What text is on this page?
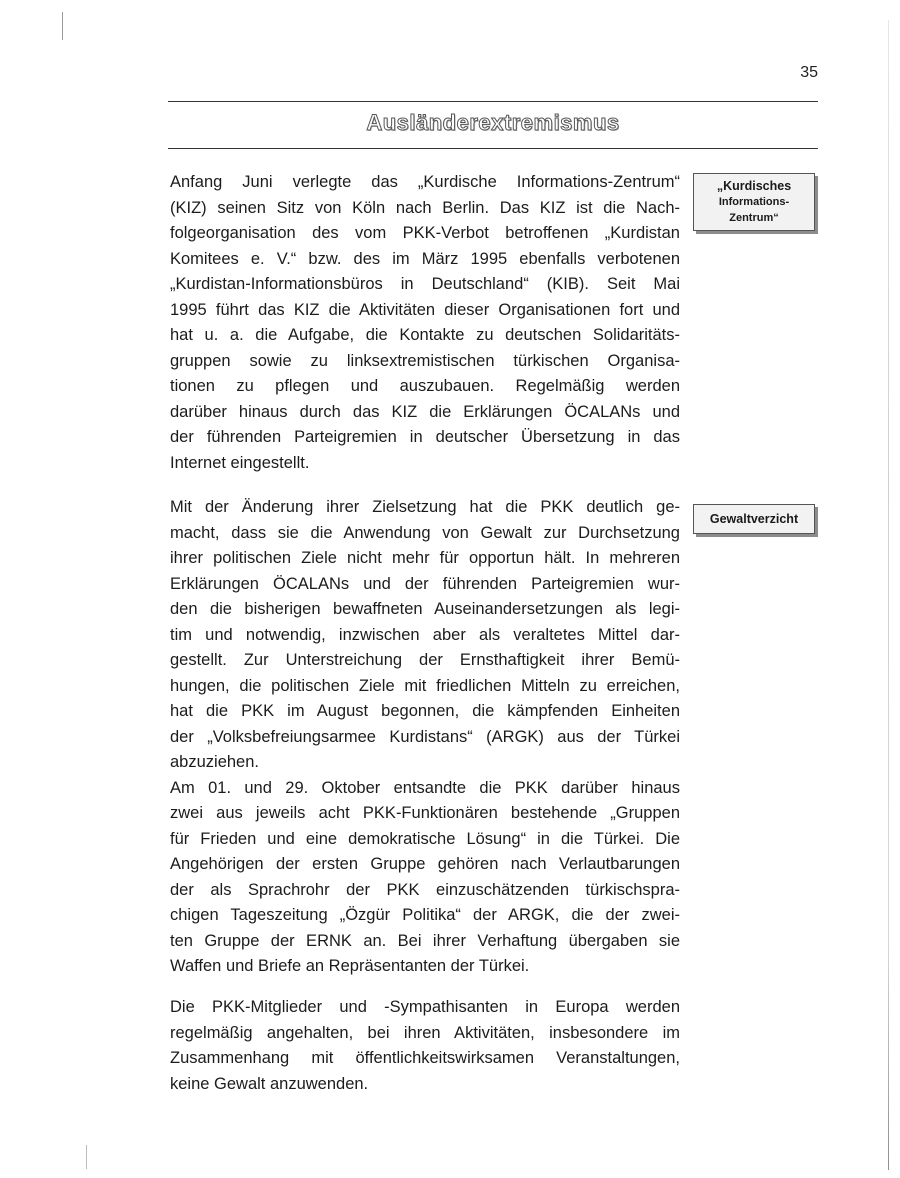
35
Ausländerextremismus
Anfang Juni verlegte das „Kurdische Informations-Zentrum“
(KIZ) seinen Sitz von Köln nach Berlin. Das KIZ ist die Nach-
folgeorganisation des vom PKK-Verbot betroffenen „Kurdistan
Komitees e. V.“ bzw. des im März 1995 ebenfalls verbotenen
„Kurdistan-Informationsbüros in Deutschland“ (KIB). Seit Mai
1995 führt das KIZ die Aktivitäten dieser Organisationen fort und
hat u. a. die Aufgabe, die Kontakte zu deutschen Solidaritäts-
gruppen sowie zu linksextremistischen türkischen Organisa-
tionen zu pflegen und auszubauen. Regelmäßig werden
darüber hinaus durch das KIZ die Erklärungen ÖCALANs und
der führenden Parteigremien in deutscher Übersetzung in das
Internet eingestellt.
„Kurdisches
Informations-
Zentrum“
Mit der Änderung ihrer Zielsetzung hat die PKK deutlich ge-
macht, dass sie die Anwendung von Gewalt zur Durchsetzung
ihrer politischen Ziele nicht mehr für opportun hält. In mehreren
Erklärungen ÖCALANs und der führenden Parteigremien wur-
den die bisherigen bewaffneten Auseinandersetzungen als legi-
tim und notwendig, inzwischen aber als veraltetes Mittel dar-
gestellt. Zur Unterstreichung der Ernsthaftigkeit ihrer Bemü-
hungen, die politischen Ziele mit friedlichen Mitteln zu erreichen,
hat die PKK im August begonnen, die kämpfenden Einheiten
der „Volksbefreiungsarmee Kurdistans“ (ARGK) aus der Türkei
abzuziehen.
Am 01. und 29. Oktober entsandte die PKK darüber hinaus
zwei aus jeweils acht PKK-Funktionären bestehende „Gruppen
für Frieden und eine demokratische Lösung“ in die Türkei. Die
Angehörigen der ersten Gruppe gehören nach Verlautbarungen
der als Sprachrohr der PKK einzuschätzenden türkischspra-
chigen Tageszeitung „Özgür Politika“ der ARGK, die der zwei-
ten Gruppe der ERNK an. Bei ihrer Verhaftung übergaben sie
Waffen und Briefe an Repräsentanten der Türkei.
Gewaltverzicht
Die PKK-Mitglieder und -Sympathisanten in Europa werden
regelmäßig angehalten, bei ihren Aktivitäten, insbesondere im
Zusammenhang mit öffentlichkeitswirksamen Veranstaltungen,
keine Gewalt anzuwenden.
